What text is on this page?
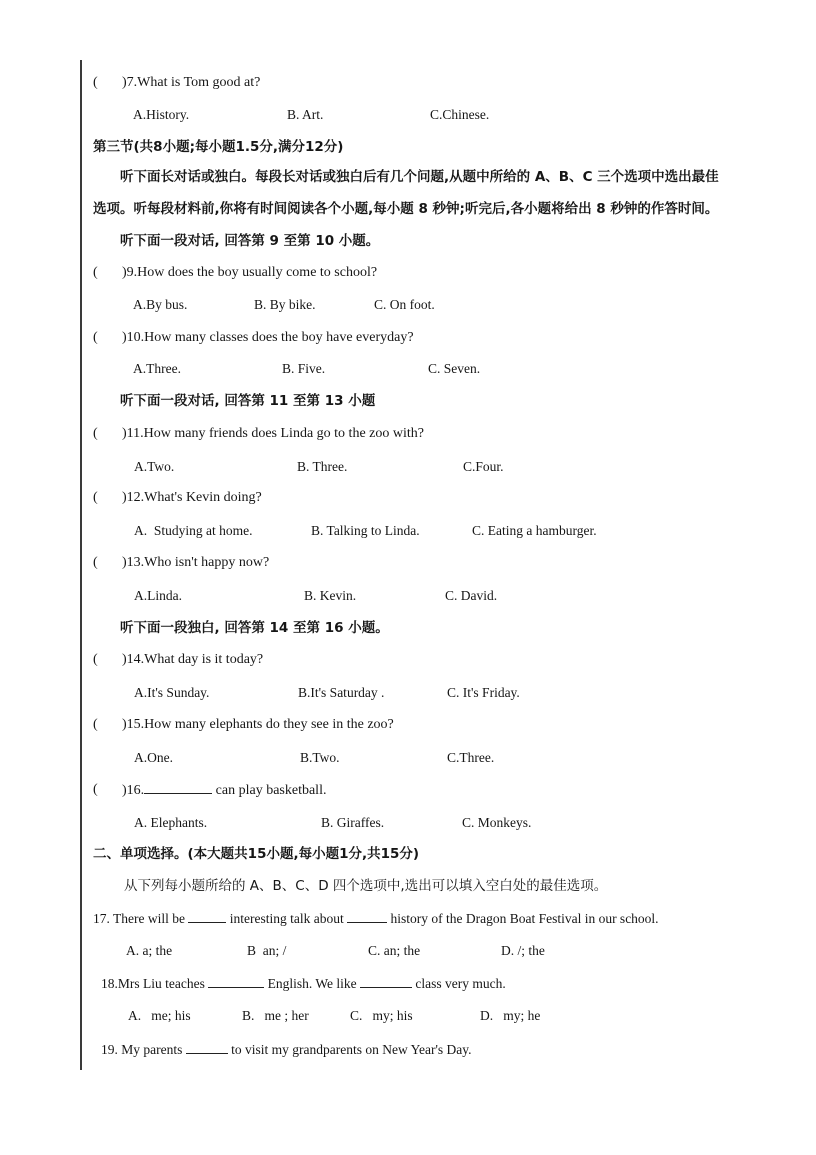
( )7.What is Tom good at?
A.History.	B. Art.	C.Chinese.
第三节(共8小题;每小题1.5分,满分12分)
听下面长对话或独白。每段长对话或独白后有几个问题,从题中所给的 A、B、C 三个选项中选出最佳
选项。听每段材料前,你将有时间阅读各个小题,每小题 8 秒钟;听完后,各小题将给出 8 秒钟的作答时间。
听下面一段对话, 回答第 9 至第 10 小题。
( )9.How does the boy usually come to school?
A.By bus.	B. By bike.	C. On foot.
( )10.How many classes does the boy have everyday?
A.Three.	B. Five.	C. Seven.
听下面一段对话, 回答第 11 至第 13 小题
( )11.How many friends does Linda go to the zoo with?
A.Two.	B. Three.	C.Four.
( )12.What's Kevin doing?
A.  Studying at home.	B. Talking to Linda.	C. Eating a hamburger.
( )13.Who isn't happy now?
A.Linda.	B. Kevin.	C. David.
听下面一段独白, 回答第 14 至第 16 小题。
( )14.What day is it today?
A.It's Sunday.	B.It's Saturday .	C. It's Friday.
( )15.How many elephants do they see in the zoo?
A.One.	B.Two.	C.Three.
( )16.	can play basketball.
A. Elephants.	B. Giraffes.	C. Monkeys.
二、单项选择。(本大题共15小题,每小题1分,共15分)
从下列每小题所给的 A、B、C、D 四个选项中,选出可以填入空白处的最佳选项。
17. There will be	interesting talk about	history of the Dragon Boat Festival in our school.
A. a; the	B  an; /	C. an; the	D. /; the
18.Mrs Liu teaches	English. We like	class very much.
A.   me; his	B.   me ; her	C.   my; his	D.   my; he
19. My parents	to visit my grandparents on New Year's Day.
